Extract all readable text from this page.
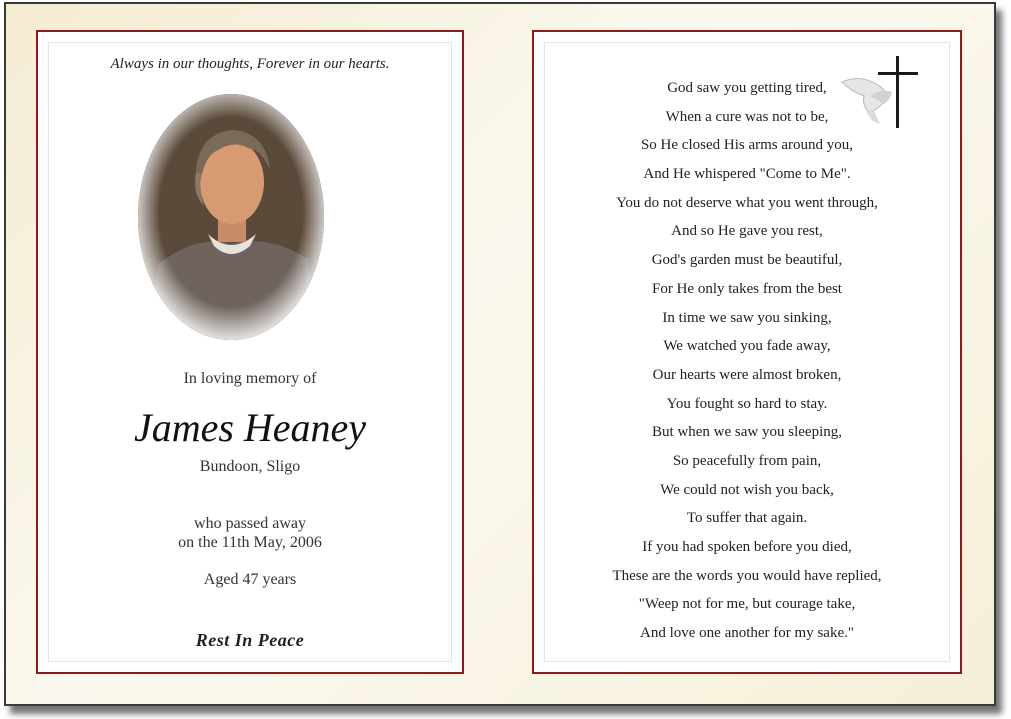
Always in our thoughts, Forever in our hearts.
In loving memory of
James Heaney
Bundoon, Sligo
who passed away
on the 11th May, 2006
Aged 47 years
Rest In Peace
God saw you getting tired,
When a cure was not to be,
So He closed His arms around you,
And He whispered "Come to Me".
You do not deserve what you went through,
And so He gave you rest,
God's garden must be beautiful,
For He only takes from the best
In time we saw you sinking,
We watched you fade away,
Our hearts were almost broken,
You fought so hard to stay.
But when we saw you sleeping,
So peacefully from pain,
We could not wish you back,
To suffer that again.
If you had spoken before you died,
These are the words you would have replied,
"Weep not for me, but courage take,
And love one another for my sake."
